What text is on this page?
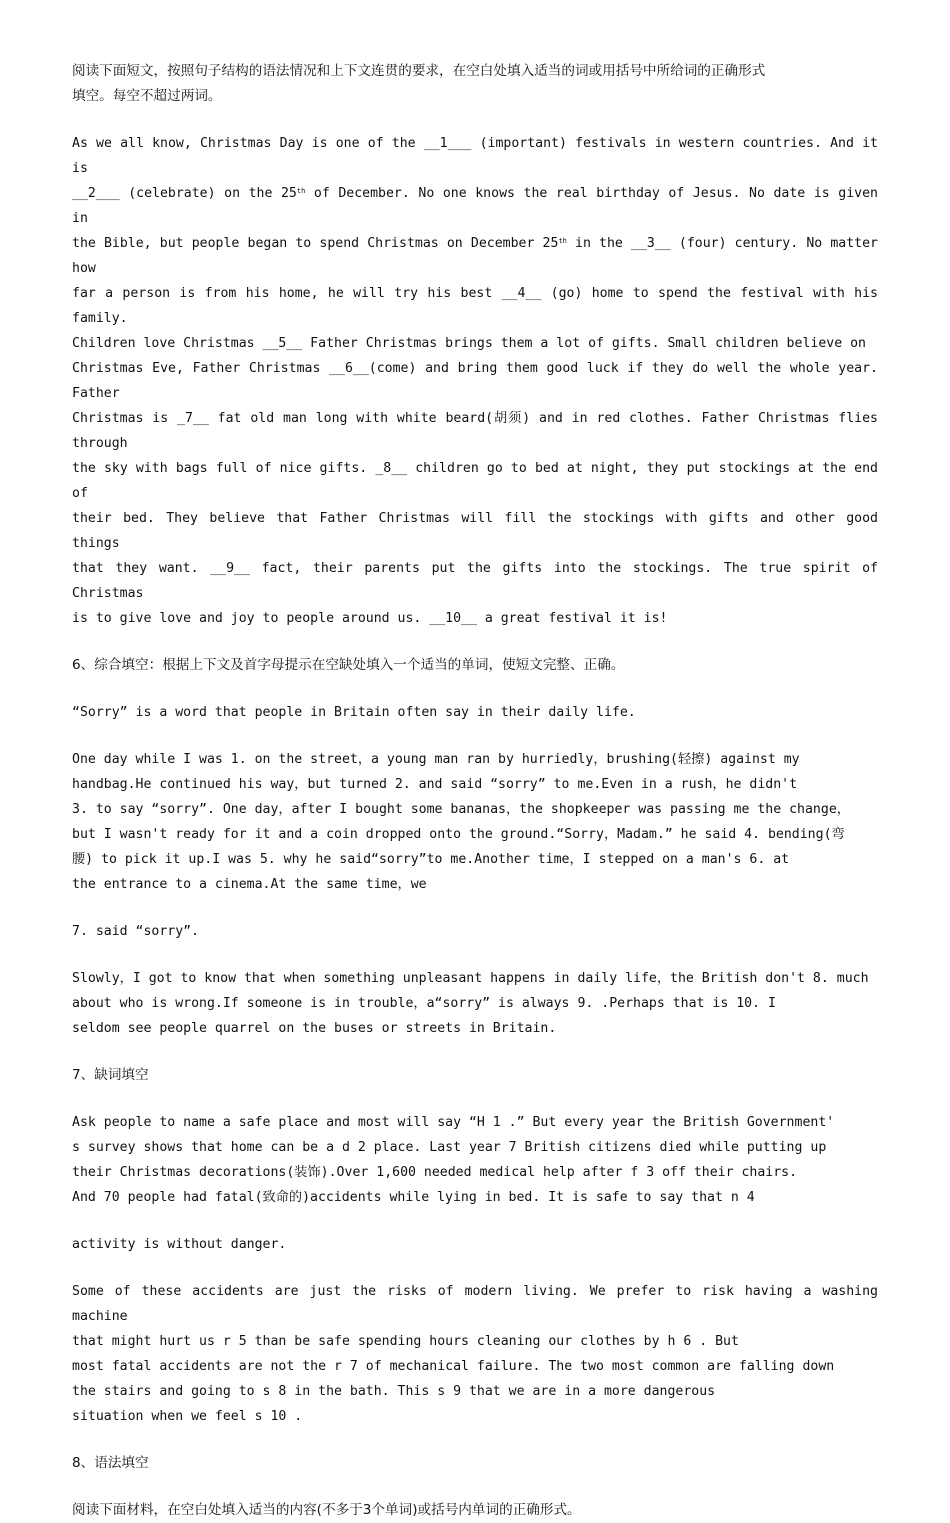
阅读下面短文，按照句子结构的语法情况和上下文连贯的要求，在空白处填入适当的词或用括号中所给词的正确形式
填空。每空不超过两词。

As we all know, Christmas Day is one of the __1___ (important) festivals in western countries. And it is
__2___ (celebrate) on the 25th of December. No one knows the real birthday of Jesus. No date is given in
the Bible, but people began to spend Christmas on December 25th in the __3__ (four) century. No matter how
far a person is from his home, he will try his best __4__ (go) home to spend the festival with his family.
Children love Christmas __5__ Father Christmas brings them a lot of gifts. Small children believe on
Christmas Eve, Father Christmas __6__(come) and bring them good luck if they do well the whole year. Father
Christmas is _7__ fat old man long with white beard(胡须) and in red clothes. Father Christmas flies through
the sky with bags full of nice gifts. _8__ children go to bed at night, they put stockings at the end of
their bed. They believe that Father Christmas will fill the stockings with gifts and other good things
that they want. __9__ fact, their parents put the gifts into the stockings. The true spirit of Christmas
is to give love and joy to people around us. __10__ a great festival it is!

6、综合填空：根据上下文及首字母提示在空缺处填入一个适当的单词，使短文完整、正确。

“Sorry” is a word that people in Britain often say in their daily life.

One day while I was 1. on the street，a young man ran by hurriedly，brushing(轻擦) against my
handbag.He continued his way，but turned 2. and said “sorry” to me.Even in a rush，he didn't
3. to say “sorry”. One day，after I bought some bananas，the shopkeeper was passing me the change，
but I wasn't ready for it and a coin dropped onto the ground.“Sorry，Madam.” he said 4. bending(弯
腰) to pick it up.I was 5. why he said“sorry”to me.Another time，I stepped on a man's 6. at
the entrance to a cinema.At the same time，we

7. said “sorry”.

Slowly，I got to know that when something unpleasant happens in daily life，the British don't 8. much
about who is wrong.If someone is in trouble，a“sorry” is always 9. .Perhaps that is 10. I
seldom see people quarrel on the buses or streets in Britain.

7、缺词填空

Ask people to name a safe place and most will say “H 1 .” But every year the British Government'
s survey shows that home can be a d 2 place. Last year 7 British citizens died while putting up
their Christmas decorations(装饰).Over 1,600 needed medical help after f 3 off their chairs.
And 70 people had fatal(致命的)accidents while lying in bed. It is safe to say that n 4

activity is without danger.

Some of these accidents are just the risks of modern living. We prefer to risk having a washing machine
that might hurt us r 5 than be safe spending hours cleaning our clothes by h 6 . But
most fatal accidents are not the r 7 of mechanical failure. The two most common are falling down
the stairs and going to s 8 in the bath. This s 9 that we are in a more dangerous
situation when we feel s 10 .

8、语法填空

阅读下面材料，在空白处填入适当的内容(不多于3个单词)或括号内单词的正确形式。
